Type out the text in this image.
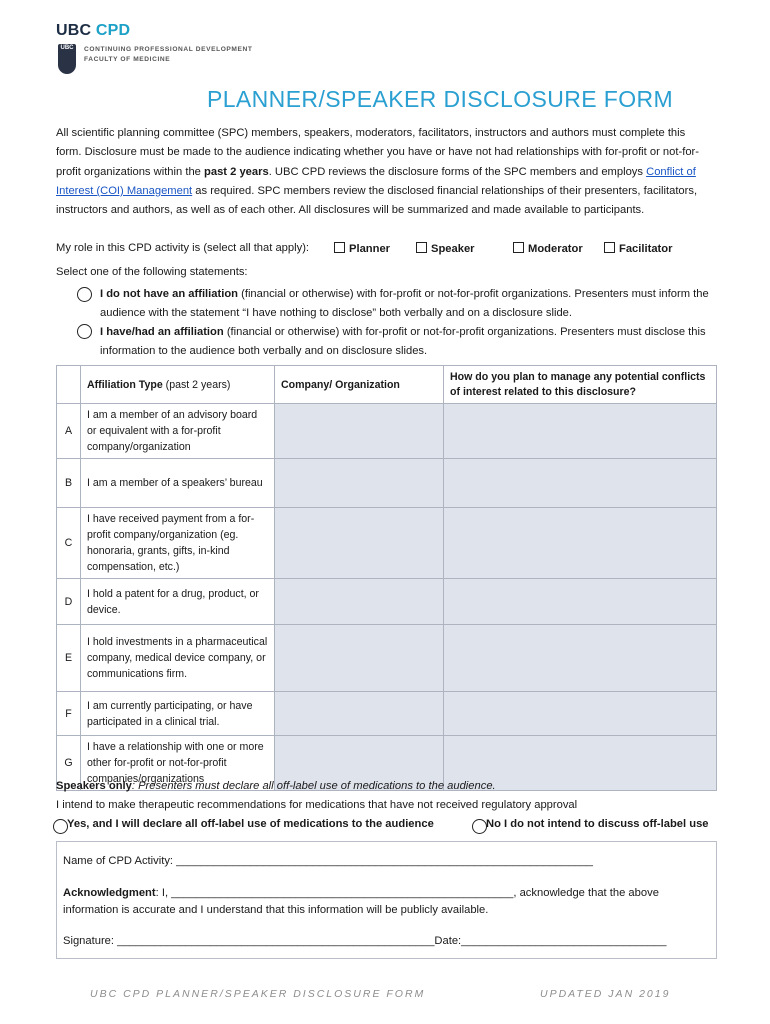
UBC CPD
UBC	CONTINUING PROFESSIONAL DEVELOPMENT
FACULTY OF MEDICINE
PLANNER/SPEAKER DISCLOSURE FORM
All scientific planning committee (SPC) members, speakers, moderators, facilitators, instructors and authors must complete this form. Disclosure must be made to the audience indicating whether you have or have not had relationships with for-profit or not-for-profit organizations within the past 2 years. UBC CPD reviews the disclosure forms of the SPC members and employs Conflict of Interest (COI) Management as required. SPC members review the disclosed financial relationships of their presenters, facilitators, instructors and authors, as well as of each other. All disclosures will be summarized and made available to participants.
My role in this CPD activity is (select all that apply):	Planner	Speaker	Moderator	Facilitator
Select one of the following statements:
I do not have an affiliation (financial or otherwise) with for-profit or not-for-profit organizations. Presenters must inform the audience with the statement “I have nothing to disclose” both verbally and on a disclosure slide.
I have/had an affiliation (financial or otherwise) with for-profit or not-for-profit organizations. Presenters must disclose this information to the audience both verbally and on disclosure slides.
	Affiliation Type (past 2 years)	Company/ Organization	How do you plan to manage any potential conflicts of interest related to this disclosure?
A	I am a member of an advisory board or equivalent with a for-profit company/organization		
B	I am a member of a speakers’ bureau		
C	I have received payment from a for-profit company/organization (eg. honoraria, grants, gifts, in-kind compensation, etc.)		
D	I hold a patent for a drug, product, or device.		
E	I hold investments in a pharmaceutical company, medical device company, or communications firm.		
F	I am currently participating, or have participated in a clinical trial.		
G	I have a relationship with one or more other for-profit or not-for-profit companies/organizations		
Speakers only: Presenters must declare all off-label use of medications to the audience.
I intend to make therapeutic recommendations for medications that have not received regulatory approval
Yes, and I will declare all off-label use of medications to the audience	No I do not intend to discuss off-label use
Name of CPD Activity: ___________________________________________________________________
Acknowledgment: I, _______________________________________________________, acknowledge that the above information is accurate and I understand that this information will be publicly available.
Signature: ___________________________________________________Date:_________________________________
UBC CPD PLANNER/SPEAKER DISCLOSURE FORM	UPDATED JAN 2019
